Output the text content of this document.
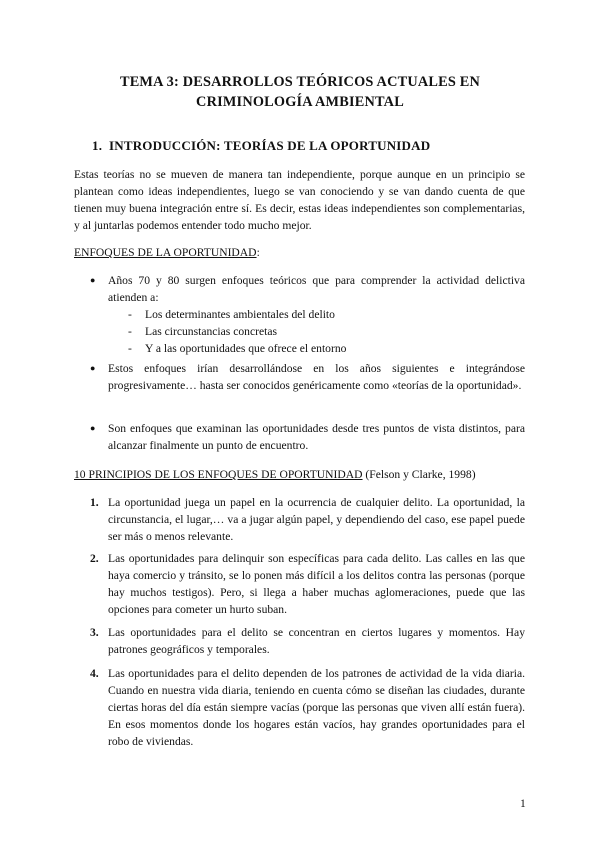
TEMA 3: DESARROLLOS TEÓRICOS ACTUALES EN
CRIMINOLOGÍA AMBIENTAL
1. INTRODUCCIÓN: TEORÍAS DE LA OPORTUNIDAD
Estas teorías no se mueven de manera tan independiente, porque aunque en un principio se plantean como ideas independientes, luego se van conociendo y se van dando cuenta de que tienen muy buena integración entre sí. Es decir, estas ideas independientes son complementarias, y al juntarlas podemos entender todo mucho mejor.
ENFOQUES DE LA OPORTUNIDAD:
● Años 70 y 80 surgen enfoques teóricos que para comprender la actividad delictiva atienden a:
- Los determinantes ambientales del delito
- Las circunstancias concretas
- Y a las oportunidades que ofrece el entorno
● Estos enfoques irían desarrollándose en los años siguientes e integrándose progresivamente… hasta ser conocidos genéricamente como «teorías de la oportunidad».
● Son enfoques que examinan las oportunidades desde tres puntos de vista distintos, para alcanzar finalmente un punto de encuentro.
10 PRINCIPIOS DE LOS ENFOQUES DE OPORTUNIDAD (Felson y Clarke, 1998)
1. La oportunidad juega un papel en la ocurrencia de cualquier delito. La oportunidad, la circunstancia, el lugar,… va a jugar algún papel, y dependiendo del caso, ese papel puede ser más o menos relevante.
2. Las oportunidades para delinquir son específicas para cada delito. Las calles en las que haya comercio y tránsito, se lo ponen más difícil a los delitos contra las personas (porque hay muchos testigos). Pero, si llega a haber muchas aglomeraciones, puede que las opciones para cometer un hurto suban.
3. Las oportunidades para el delito se concentran en ciertos lugares y momentos. Hay patrones geográficos y temporales.
4. Las oportunidades para el delito dependen de los patrones de actividad de la vida diaria. Cuando en nuestra vida diaria, teniendo en cuenta cómo se diseñan las ciudades, durante ciertas horas del día están siempre vacías (porque las personas que viven allí están fuera). En esos momentos donde los hogares están vacíos, hay grandes oportunidades para el robo de viviendas.
1
